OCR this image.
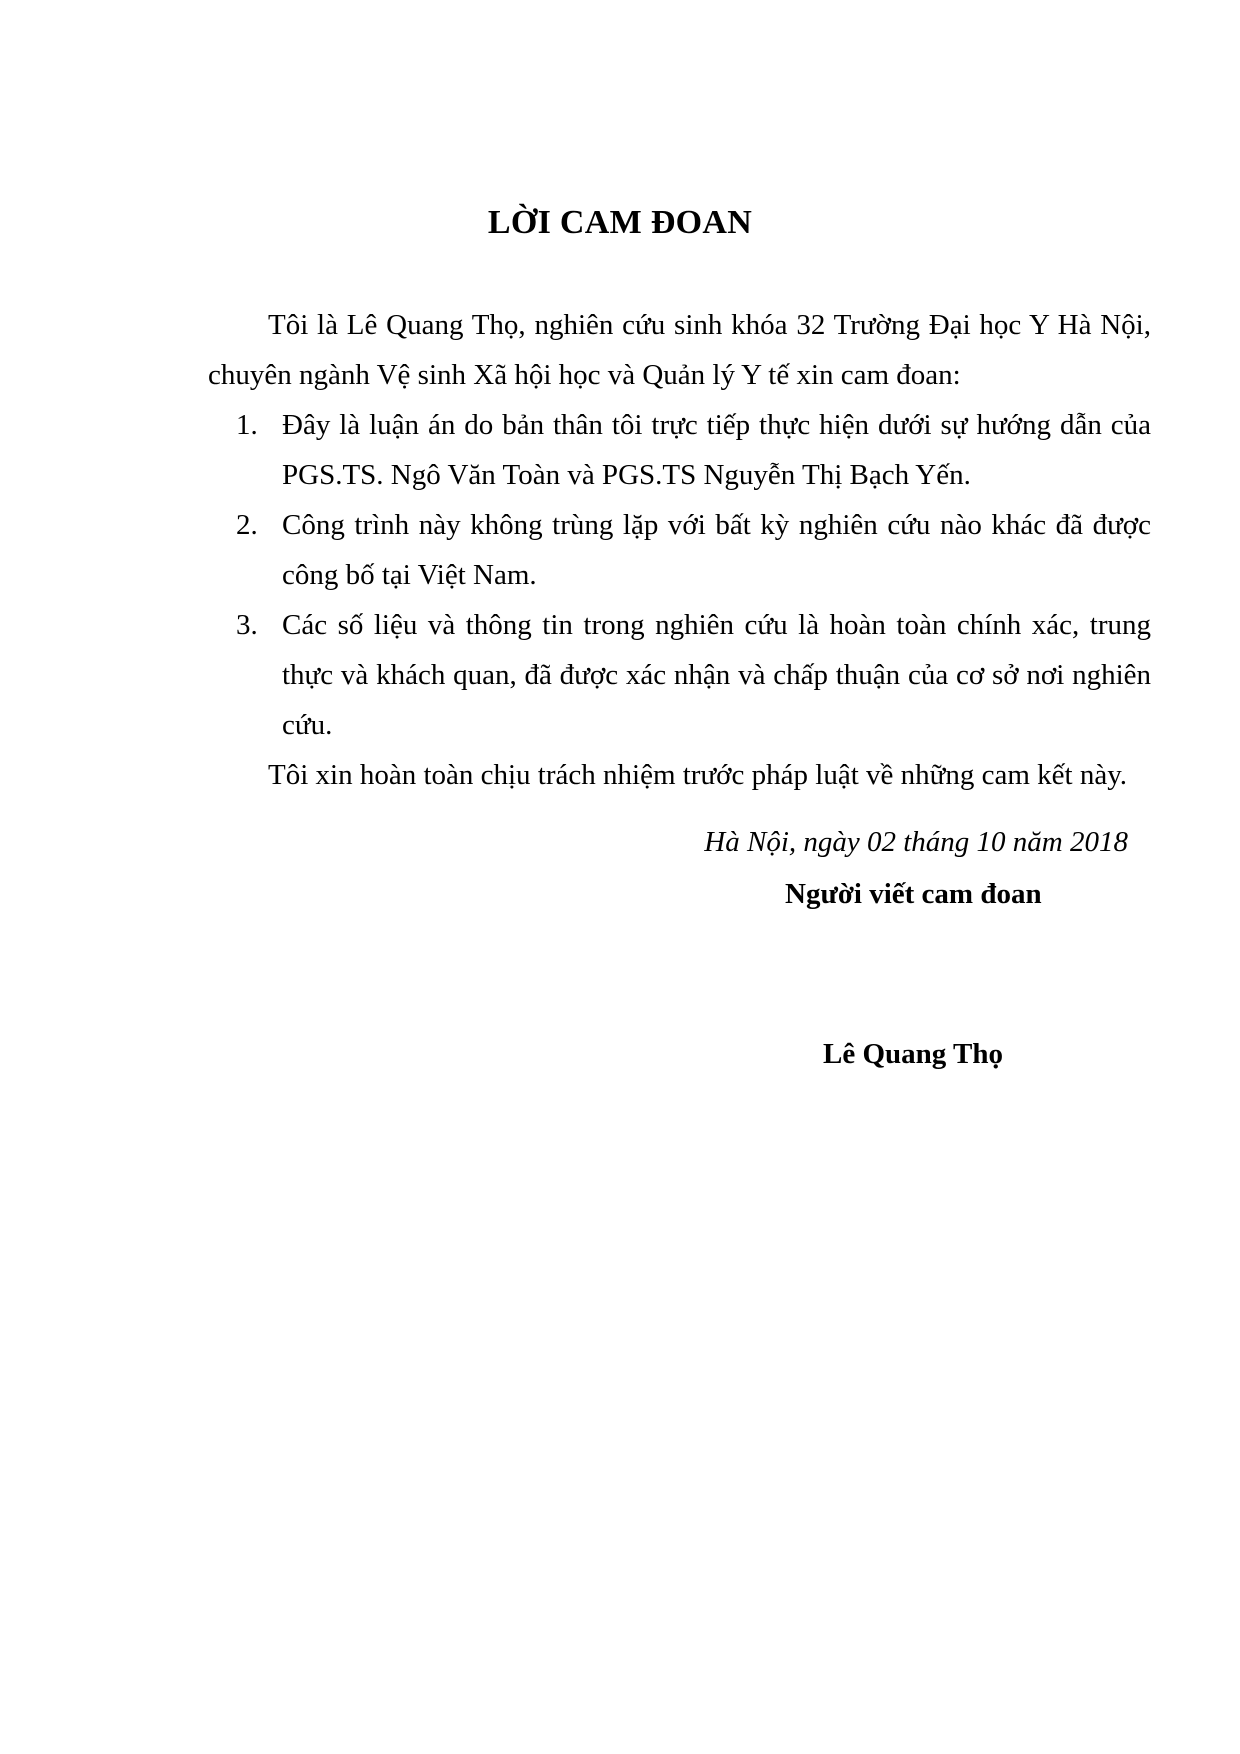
LỜI CAM ĐOAN

Tôi là Lê Quang Thọ, nghiên cứu sinh khóa 32 Trường Đại học Y Hà Nội, chuyên ngành Vệ sinh Xã hội học và Quản lý Y tế xin cam đoan:

1. Đây là luận án do bản thân tôi trực tiếp thực hiện dưới sự hướng dẫn của PGS.TS. Ngô Văn Toàn và PGS.TS Nguyễn Thị Bạch Yến.
2. Công trình này không trùng lặp với bất kỳ nghiên cứu nào khác đã được công bố tại Việt Nam.
3. Các số liệu và thông tin trong nghiên cứu là hoàn toàn chính xác, trung thực và khách quan, đã được xác nhận và chấp thuận của cơ sở nơi nghiên cứu.

Tôi xin hoàn toàn chịu trách nhiệm trước pháp luật về những cam kết này.

Hà Nội, ngày 02 tháng 10 năm 2018
Người viết cam đoan
Lê Quang Thọ
